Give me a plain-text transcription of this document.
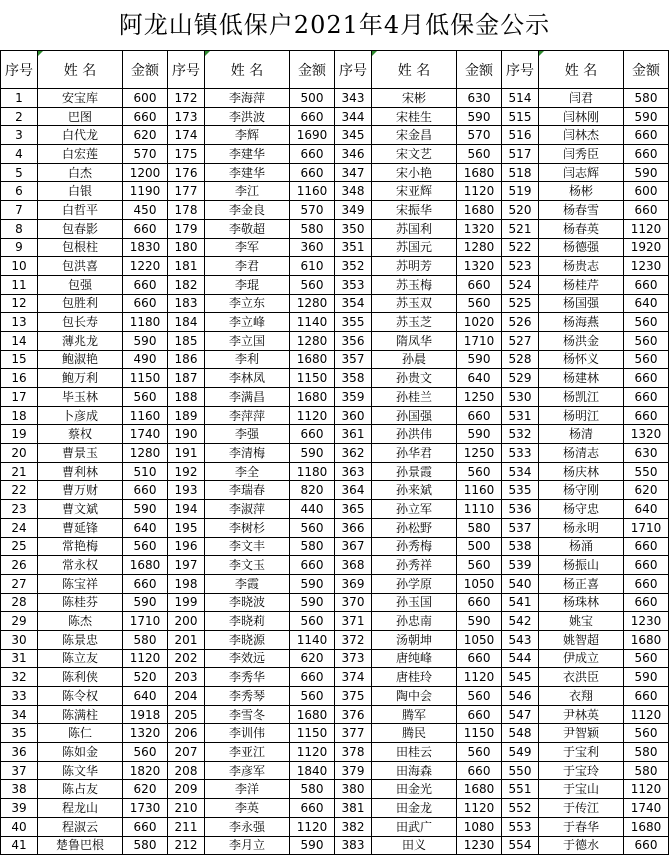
阿龙山镇低保户2021年4月低保金公示
序号	姓 名	金额	序号	姓 名	金额	序号	姓 名	金额	序号	姓 名	金额
1	安宝库	600	172	李海萍	500	343	宋彬	630	514	闫君	580
2	巴图	660	173	李洪波	660	344	宋桂生	590	515	闫林刚	590
3	白代龙	620	174	李辉	1690	345	宋金昌	570	516	闫林杰	660
4	白宏莲	570	175	李建华	660	346	宋文艺	560	517	闫秀臣	660
5	白杰	1200	176	李建华	660	347	宋小艳	1680	518	闫志辉	590
6	白银	1190	177	李江	1160	348	宋亚辉	1120	519	杨彬	600
7	白哲平	450	178	李金良	570	349	宋振华	1680	520	杨春雪	660
8	包春影	660	179	李敬超	580	350	苏国利	1320	521	杨春英	1120
9	包根柱	1830	180	李军	360	351	苏国元	1280	522	杨德强	1920
10	包洪喜	1220	181	李君	610	352	苏明芳	1320	523	杨贵志	1230
11	包强	660	182	李琨	560	353	苏玉梅	660	524	杨桂芹	660
12	包胜利	660	183	李立东	1280	354	苏玉双	560	525	杨国强	640
13	包长寿	1180	184	李立峰	1140	355	苏玉芝	1020	526	杨海燕	560
14	薄兆龙	590	185	李立国	1280	356	隋凤华	1710	527	杨洪金	560
15	鲍淑艳	490	186	李利	1680	357	孙晨	590	528	杨怀义	560
16	鲍万利	1150	187	李林凤	1150	358	孙贵文	640	529	杨建林	660
17	毕玉林	560	188	李满昌	1680	359	孙桂兰	1250	530	杨凯江	660
18	卜彦成	1160	189	李萍萍	1120	360	孙国强	660	531	杨明江	660
19	蔡权	1740	190	李强	660	361	孙洪伟	590	532	杨清	1320
20	曹景玉	1280	191	李清梅	590	362	孙华君	1250	533	杨清志	630
21	曹利林	510	192	李全	1180	363	孙景霞	560	534	杨庆林	550
22	曹万财	660	193	李瑞春	820	364	孙来斌	1160	535	杨守刚	620
23	曹文斌	590	194	李淑萍	440	365	孙立军	1110	536	杨守忠	640
24	曹延锋	640	195	李树杉	560	366	孙松野	580	537	杨永明	1710
25	常艳梅	560	196	李文丰	580	367	孙秀梅	500	538	杨涌	660
26	常永权	1680	197	李文玉	660	368	孙秀祥	560	539	杨振山	660
27	陈宝祥	660	198	李霞	590	369	孙学原	1050	540	杨正喜	660
28	陈桂芬	590	199	李晓波	590	370	孙玉国	660	541	杨珠林	660
29	陈杰	1710	200	李晓莉	560	371	孙忠南	590	542	姚宝	1230
30	陈景忠	580	201	李晓源	1140	372	汤朝坤	1050	543	姚智超	1680
31	陈立友	1120	202	李效远	620	373	唐纯峰	660	544	伊成立	560
32	陈利侠	520	203	李秀华	660	374	唐桂玲	1120	545	衣洪臣	590
33	陈令权	640	204	李秀琴	560	375	陶中会	560	546	衣翔	660
34	陈满柱	1918	205	李雪冬	1680	376	腾军	660	547	尹林英	1120
35	陈仁	1320	206	李训伟	1150	377	腾民	1150	548	尹智颖	560
36	陈如金	560	207	李亚江	1120	378	田桂云	560	549	于宝利	580
37	陈文华	1820	208	李彦军	1840	379	田海森	660	550	于宝玲	580
38	陈占友	620	209	李洋	580	380	田金光	1680	551	于宝山	1120
39	程龙山	1730	210	李英	660	381	田金龙	1120	552	于传江	1740
40	程淑云	660	211	李永强	1120	382	田武广	1080	553	于春华	1680
41	楚鲁巴根	580	212	李月立	590	383	田义	1230	554	于德水	660
